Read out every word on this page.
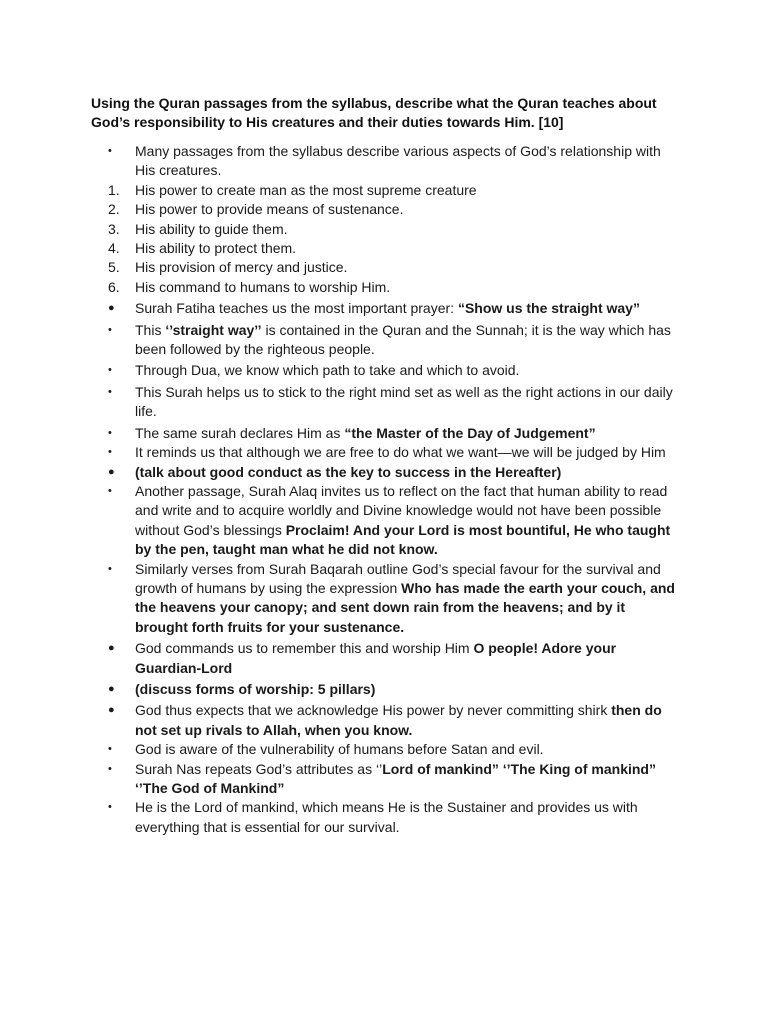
Using the Quran passages from the syllabus, describe what the Quran teaches about God’s responsibility to His creatures and their duties towards Him. [10]
•	Many passages from the syllabus describe various aspects of God’s relationship with His creatures.
1.	His power to create man as the most supreme creature
2.	His power to provide means of sustenance.
3.	His ability to guide them.
4.	His ability to protect them.
5.	His provision of mercy and justice.
6.	His command to humans to worship Him.
●	Surah Fatiha teaches us the most important prayer: “Show us the straight way”
•	This ‘’straight way’’ is contained in the Quran and the Sunnah; it is the way which has been followed by the righteous people.
•	Through Dua, we know which path to take and which to avoid.
•	This Surah helps us to stick to the right mind set as well as the right actions in our daily life.
•	The same surah declares Him as “the Master of the Day of Judgement”
•	It reminds us that although we are free to do what we want—we will be judged by Him
●	(talk about good conduct as the key to success in the Hereafter)
•	Another passage, Surah Alaq invites us to reflect on the fact that human ability to read and write and to acquire worldly and Divine knowledge would not have been possible without God’s blessings Proclaim! And your Lord is most bountiful, He who taught by the pen, taught man what he did not know.
•	Similarly verses from Surah Baqarah outline God’s special favour for the survival and growth of humans by using the expression Who has made the earth your couch, and the heavens your canopy; and sent down rain from the heavens; and by it brought forth fruits for your sustenance.
●	God commands us to remember this and worship Him O people! Adore your Guardian-Lord
●	(discuss forms of worship: 5 pillars)
●	God thus expects that we acknowledge His power by never committing shirk then do not set up rivals to Allah, when you know.
•	God is aware of the vulnerability of humans before Satan and evil.
•	Surah Nas repeats God’s attributes as ‘’Lord of mankind” ‘’The King of mankind” ‘’The God of Mankind”
•	He is the Lord of mankind, which means He is the Sustainer and provides us with everything that is essential for our survival.
